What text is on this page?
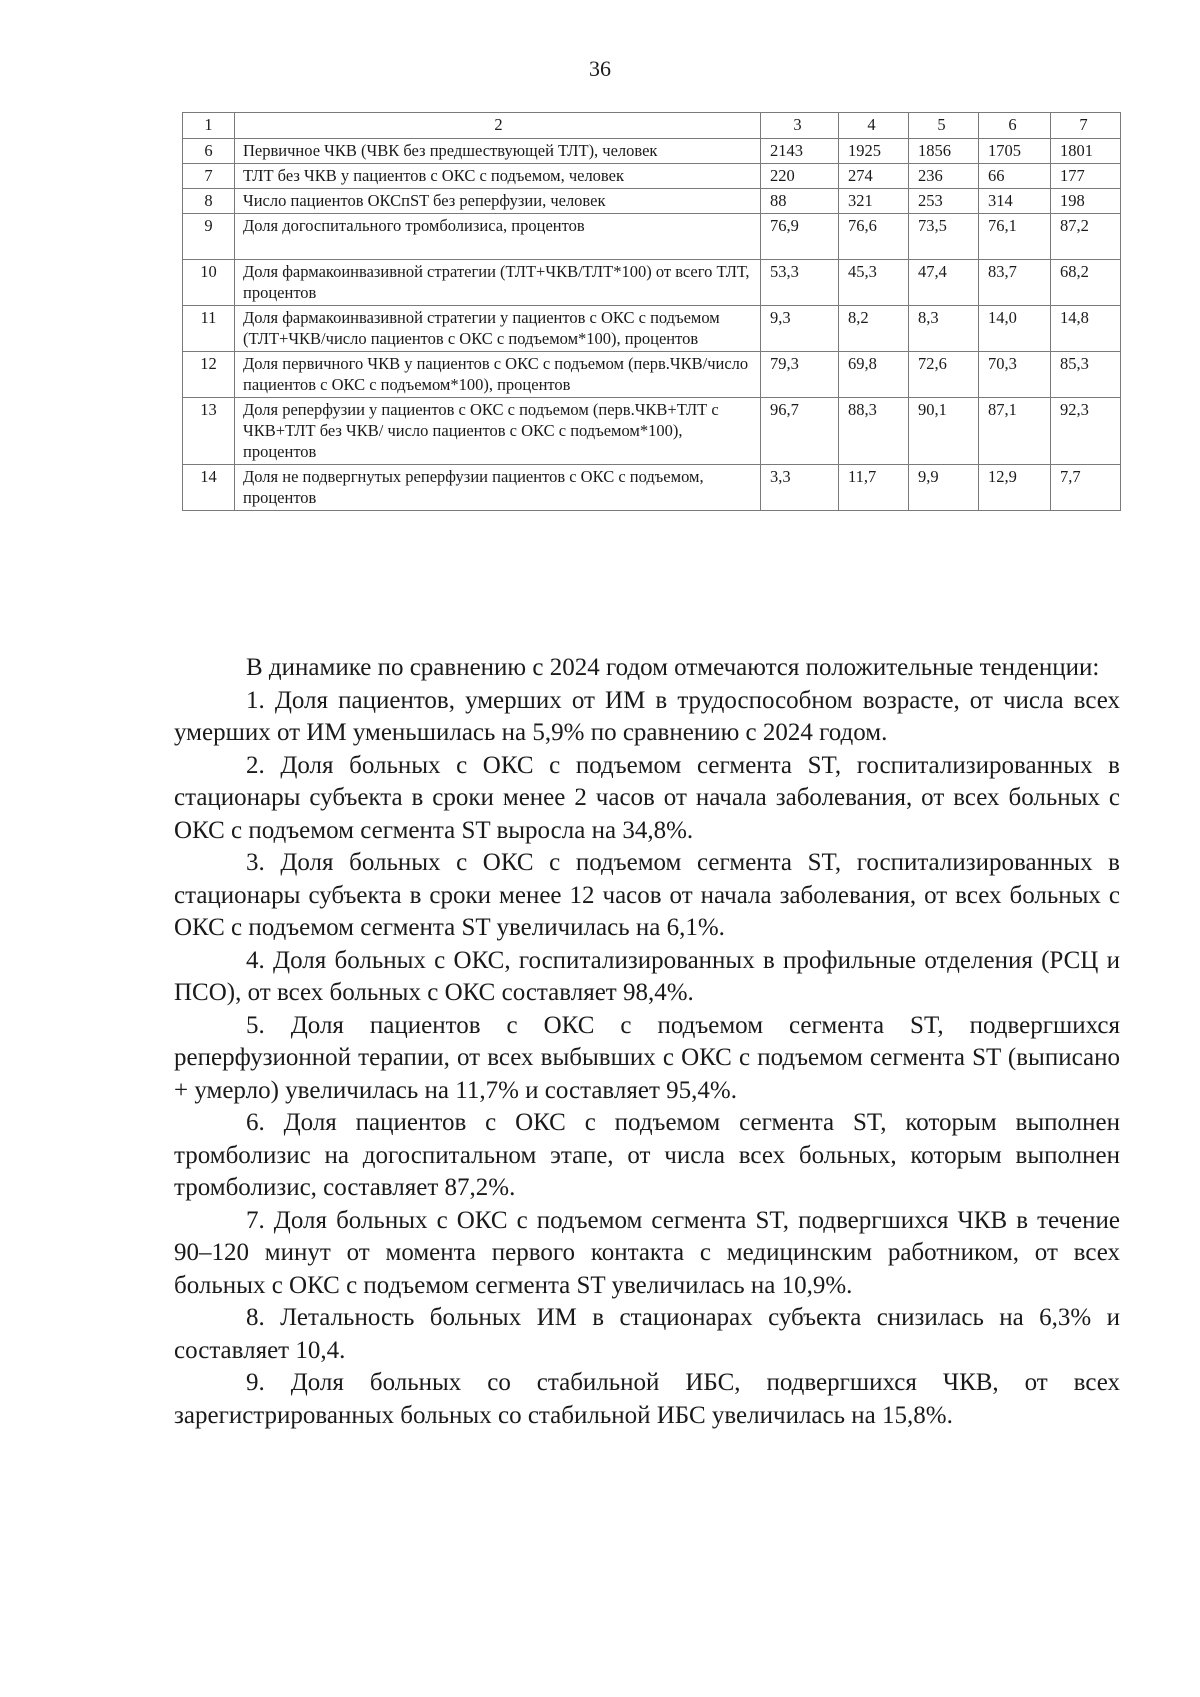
36
1	2	3	4	5	6	7
6	Первичное ЧКВ (ЧВК без предшествующей ТЛТ), человек	2143	1925	1856	1705	1801
7	ТЛТ без ЧКВ у пациентов с ОКС с подъемом, человек	220	274	236	66	177
8	Число пациентов ОКСпST без реперфузии, человек	88	321	253	314	198
9	Доля догоспитального тромболизиса, процентов	76,9	76,6	73,5	76,1	87,2
10	Доля фармакоинвазивной стратегии (ТЛТ+ЧКВ/ТЛТ*100) от всего ТЛТ, процентов	53,3	45,3	47,4	83,7	68,2
11	Доля фармакоинвазивной стратегии у пациентов с ОКС с подъемом (ТЛТ+ЧКВ/число пациентов с ОКС с подъемом*100), процентов	9,3	8,2	8,3	14,0	14,8
12	Доля первичного ЧКВ у пациентов с ОКС с подъемом (перв.ЧКВ/число пациентов с ОКС с подъемом*100), процентов	79,3	69,8	72,6	70,3	85,3
13	Доля реперфузии у пациентов с ОКС с подъемом (перв.ЧКВ+ТЛТ с ЧКВ+ТЛТ без ЧКВ/ число пациентов с ОКС с подъемом*100), процентов	96,7	88,3	90,1	87,1	92,3
14	Доля не подвергнутых реперфузии пациентов с ОКС с подъемом, процентов	3,3	11,7	9,9	12,9	7,7

В динамике по сравнению с 2024 годом отмечаются положительные тенденции:

1. Доля пациентов, умерших от ИМ в трудоспособном возрасте, от числа всех умерших от ИМ уменьшилась на 5,9% по сравнению с 2024 годом.

2. Доля больных с ОКС с подъемом сегмента ST, госпитализированных в стационары субъекта в сроки менее 2 часов от начала заболевания, от всех больных с ОКС с подъемом сегмента ST выросла на 34,8%.

3. Доля больных с ОКС с подъемом сегмента ST, госпитализированных в стационары субъекта в сроки менее 12 часов от начала заболевания, от всех больных с ОКС с подъемом сегмента ST увеличилась на 6,1%.

4. Доля больных с ОКС, госпитализированных в профильные отделения (РСЦ и ПСО), от всех больных с ОКС составляет 98,4%.

5. Доля пациентов с ОКС с подъемом сегмента ST, подвергшихся реперфузионной терапии, от всех выбывших с ОКС с подъемом сегмента ST (выписано + умерло) увеличилась на 11,7% и составляет 95,4%.

6. Доля пациентов с ОКС с подъемом сегмента ST, которым выполнен тромболизис на догоспитальном этапе, от числа всех больных, которым выполнен тромболизис, составляет 87,2%.

7. Доля больных с ОКС с подъемом сегмента ST, подвергшихся ЧКВ в течение 90–120 минут от момента первого контакта с медицинским работником, от всех больных с ОКС с подъемом сегмента ST увеличилась на 10,9%.

8. Летальность больных ИМ в стационарах субъекта снизилась на 6,3% и составляет 10,4.

9. Доля больных со стабильной ИБС, подвергшихся ЧКВ, от всех зарегистрированных больных со стабильной ИБС увеличилась на 15,8%.
